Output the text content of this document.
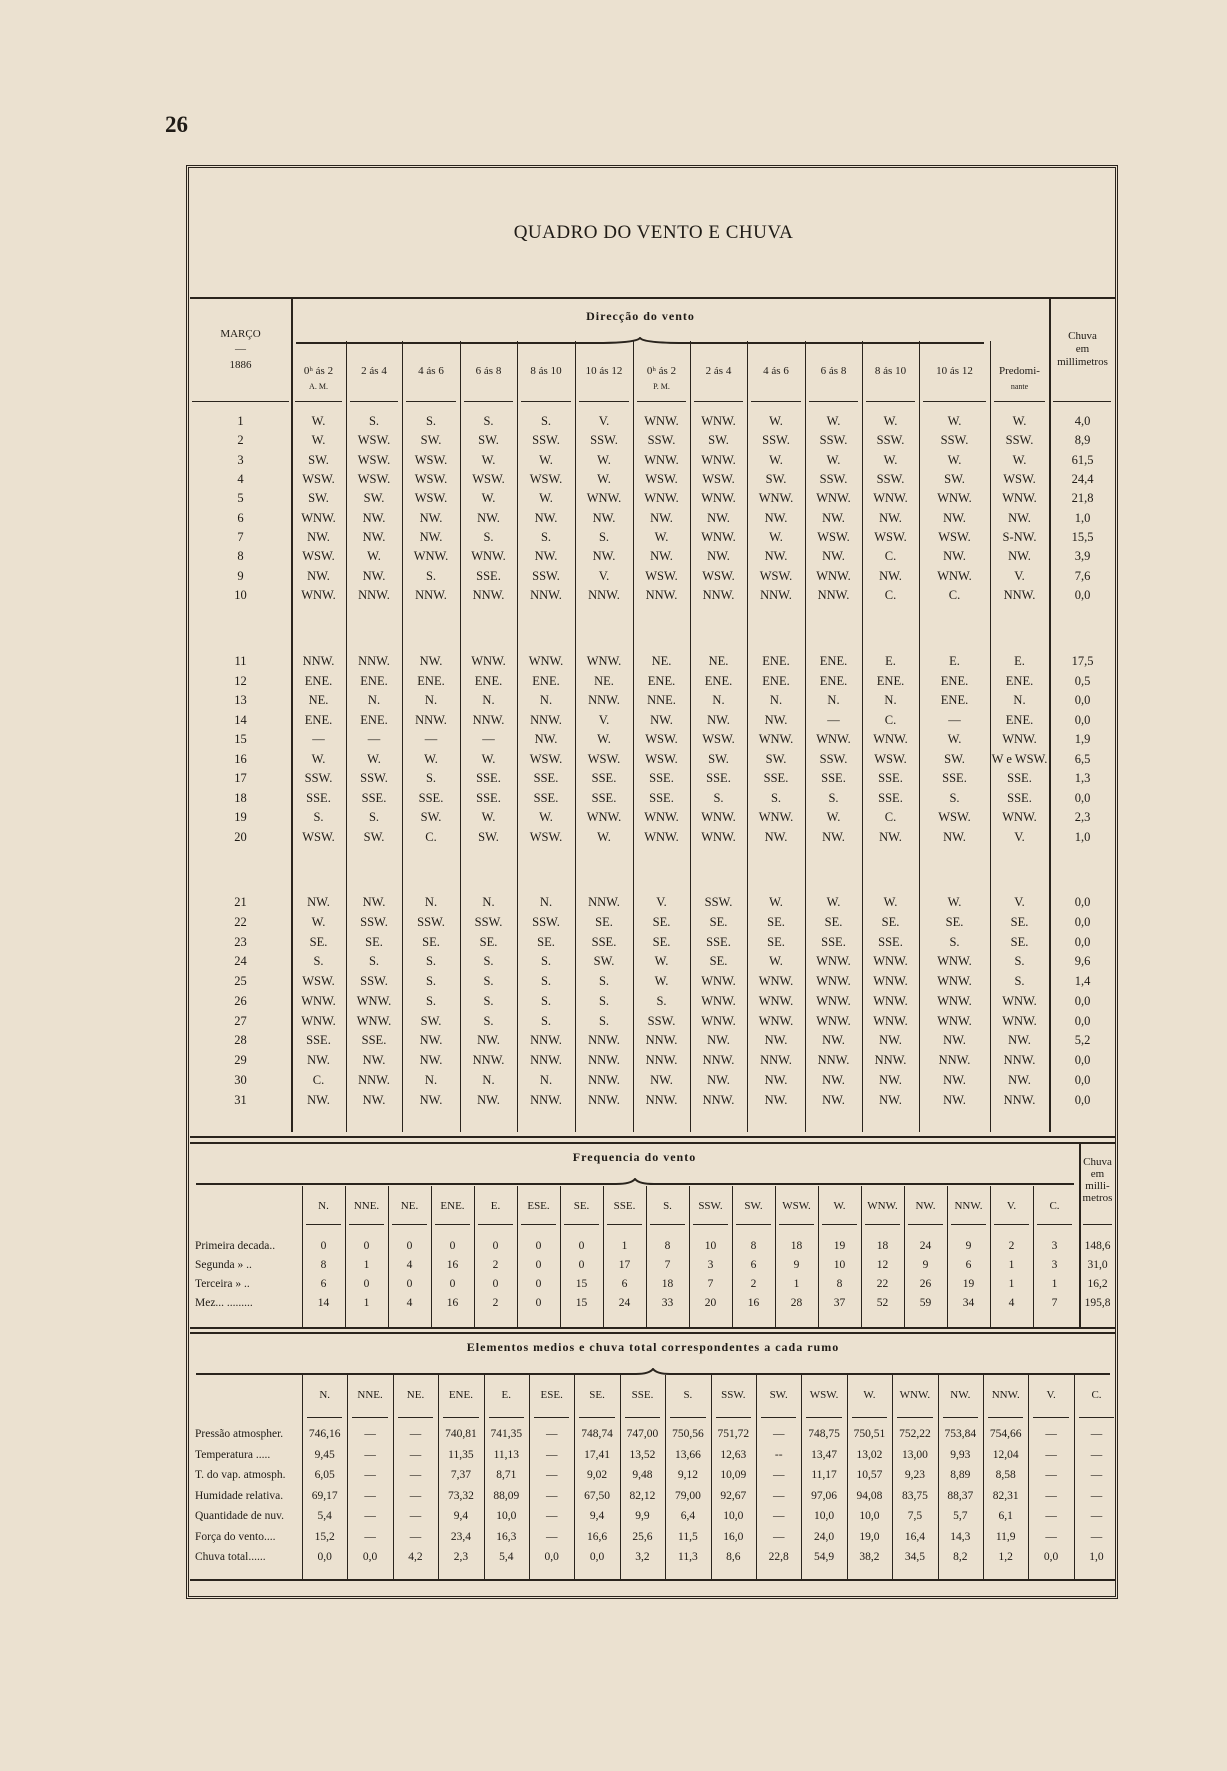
26
QUADRO DO VENTO E CHUVA
MARÇO
—
1886
Direcção do vento
Chuva
em
millimetros
0ʰ ás 2
A. M.
2 ás 4	4 ás 6	6 ás 8	8 ás 10	10 ás 12	0ʰ ás 2
P. M.
2 ás 4	4 ás 6	6 ás 8	8 ás 10	10 ás 12	Predomi-
nante
1	W.	S.	S.	S.	S.	V.	WNW.	WNW.	W.	W.	W.	W.	W.	4,0
2	W.	WSW.	SW.	SW.	SSW.	SSW.	SSW.	SW.	SSW.	SSW.	SSW.	SSW.	SSW.	8,9
3	SW.	WSW.	WSW.	W.	W.	W.	WNW.	WNW.	W.	W.	W.	W.	W.	61,5
4	WSW.	WSW.	WSW.	WSW.	WSW.	W.	WSW.	WSW.	SW.	SSW.	SSW.	SW.	WSW.	24,4
5	SW.	SW.	WSW.	W.	W.	WNW.	WNW.	WNW.	WNW.	WNW.	WNW.	WNW.	WNW.	21,8
6	WNW.	NW.	NW.	NW.	NW.	NW.	NW.	NW.	NW.	NW.	NW.	NW.	NW.	1,0
7	NW.	NW.	NW.	S.	S.	S.	W.	WNW.	W.	WSW.	WSW.	WSW.	S-NW.	15,5
8	WSW.	W.	WNW.	WNW.	NW.	NW.	NW.	NW.	NW.	NW.	C.	NW.	NW.	3,9
9	NW.	NW.	S.	SSE.	SSW.	V.	WSW.	WSW.	WSW.	WNW.	NW.	WNW.	V.	7,6
10	WNW.	NNW.	NNW.	NNW.	NNW.	NNW.	NNW.	NNW.	NNW.	NNW.	C.	C.	NNW.	0,0
11	NNW.	NNW.	NW.	WNW.	WNW.	WNW.	NE.	NE.	ENE.	ENE.	E.	E.	E.	17,5
12	ENE.	ENE.	ENE.	ENE.	ENE.	NE.	ENE.	ENE.	ENE.	ENE.	ENE.	ENE.	ENE.	0,5
13	NE.	N.	N.	N.	N.	NNW.	NNE.	N.	N.	N.	N.	ENE.	N.	0,0
14	ENE.	ENE.	NNW.	NNW.	NNW.	V.	NW.	NW.	NW.	—	C.	—	ENE.	0,0
15	—	—	—	—	NW.	W.	WSW.	WSW.	WNW.	WNW.	WNW.	W.	WNW.	1,9
16	W.	W.	W.	W.	WSW.	WSW.	WSW.	SW.	SW.	SSW.	WSW.	SW.	W e WSW.	6,5
17	SSW.	SSW.	S.	SSE.	SSE.	SSE.	SSE.	SSE.	SSE.	SSE.	SSE.	SSE.	SSE.	1,3
18	SSE.	SSE.	SSE.	SSE.	SSE.	SSE.	SSE.	S.	S.	S.	SSE.	S.	SSE.	0,0
19	S.	S.	SW.	W.	W.	WNW.	WNW.	WNW.	WNW.	W.	C.	WSW.	WNW.	2,3
20	WSW.	SW.	C.	SW.	WSW.	W.	WNW.	WNW.	NW.	NW.	NW.	NW.	V.	1,0
21	NW.	NW.	N.	N.	N.	NNW.	V.	SSW.	W.	W.	W.	W.	V.	0,0
22	W.	SSW.	SSW.	SSW.	SSW.	SE.	SE.	SE.	SE.	SE.	SE.	SE.	SE.	0,0
23	SE.	SE.	SE.	SE.	SE.	SSE.	SE.	SSE.	SE.	SSE.	SSE.	S.	SE.	0,0
24	S.	S.	S.	S.	S.	SW.	W.	SE.	W.	WNW.	WNW.	WNW.	S.	9,6
25	WSW.	SSW.	S.	S.	S.	S.	W.	WNW.	WNW.	WNW.	WNW.	WNW.	S.	1,4
26	WNW.	WNW.	S.	S.	S.	S.	S.	WNW.	WNW.	WNW.	WNW.	WNW.	WNW.	0,0
27	WNW.	WNW.	SW.	S.	S.	S.	SSW.	WNW.	WNW.	WNW.	WNW.	WNW.	WNW.	0,0
28	SSE.	SSE.	NW.	NW.	NNW.	NNW.	NNW.	NW.	NW.	NW.	NW.	NW.	NW.	5,2
29	NW.	NW.	NW.	NNW.	NNW.	NNW.	NNW.	NNW.	NNW.	NNW.	NNW.	NNW.	NNW.	0,0
30	C.	NNW.	N.	N.	N.	NNW.	NW.	NW.	NW.	NW.	NW.	NW.	NW.	0,0
31	NW.	NW.	NW.	NW.	NNW.	NNW.	NNW.	NNW.	NW.	NW.	NW.	NW.	NNW.	0,0
Frequencia do vento	Chuva
em
milli-
metros
N.	NNE.	NE.	ENE.	E.	ESE.	SE.	SSE.	S.	SSW.	SW.	WSW.	W.	WNW.	NW.	NNW.	V.	C.
Primeira decada..	0	0	0	0	0	0	0	1	8	10	8	18	19	18	24	9	2	3	148,6
Segunda » ..	8	1	4	16	2	0	0	17	7	3	6	9	10	12	9	6	1	3	31,0
Terceira » ..	6	0	0	0	0	0	15	6	18	7	2	1	8	22	26	19	1	1	16,2
Mez... .........	14	1	4	16	2	0	15	24	33	20	16	28	37	52	59	34	4	7	195,8
Elementos medios e chuva total correspondentes a cada rumo
N.	NNE.	NE.	ENE.	E.	ESE.	SE.	SSE.	S.	SSW.	SW.	WSW.	W.	WNW.	NW.	NNW.	V.	C.
Pressão atmospher.	746,16	—	—	740,81	741,35	—	748,74	747,00	750,56	751,72	—	748,75	750,51	752,22	753,84	754,66	—	—
Temperatura .....	9,45	—	—	11,35	11,13	—	17,41	13,52	13,66	12,63	--	13,47	13,02	13,00	9,93	12,04	—	—
T. do vap. atmosph.	6,05	—	—	7,37	8,71	—	9,02	9,48	9,12	10,09	—	11,17	10,57	9,23	8,89	8,58	—	—
Humidade relativa.	69,17	—	—	73,32	88,09	—	67,50	82,12	79,00	92,67	—	97,06	94,08	83,75	88,37	82,31	—	—
Quantidade de nuv.	5,4	—	—	9,4	10,0	—	9,4	9,9	6,4	10,0	—	10,0	10,0	7,5	5,7	6,1	—	—
Força do vento....	15,2	—	—	23,4	16,3	—	16,6	25,6	11,5	16,0	—	24,0	19,0	16,4	14,3	11,9	—	—
Chuva total......	0,0	0,0	4,2	2,3	5,4	0,0	0,0	3,2	11,3	8,6	22,8	54,9	38,2	34,5	8,2	1,2	0,0	1,0
